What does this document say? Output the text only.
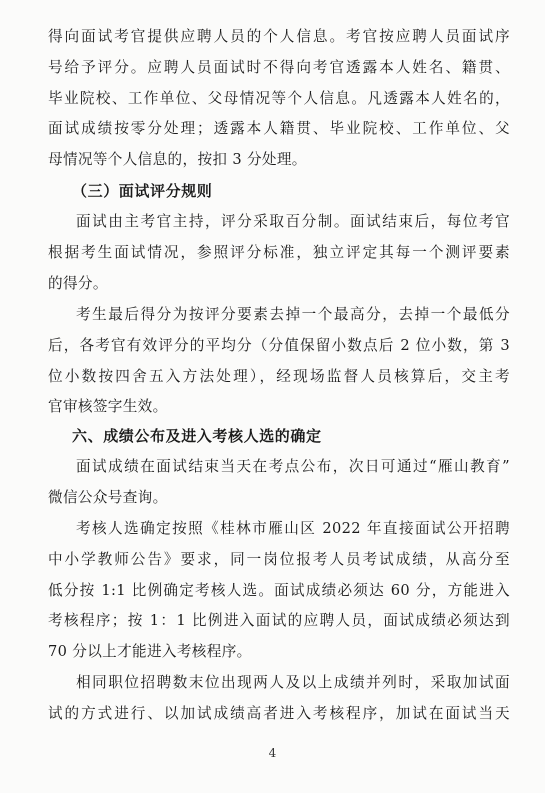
得向面试考官提供应聘人员的个人信息。考官按应聘人员面试序
号给予评分。应聘人员面试时不得向考官透露本人姓名、籍贯、
毕业院校、工作单位、父母情况等个人信息。凡透露本人姓名的，
面试成绩按零分处理；透露本人籍贯、毕业院校、工作单位、父
母情况等个人信息的，按扣 3 分处理。
（三）面试评分规则
面试由主考官主持，评分采取百分制。面试结束后，每位考官
根据考生面试情况，参照评分标准，独立评定其每一个测评要素
的得分。
考生最后得分为按评分要素去掉一个最高分，去掉一个最低分
后，各考官有效评分的平均分（分值保留小数点后 2 位小数，第 3
位小数按四舍五入方法处理），经现场监督人员核算后，交主考
官审核签字生效。
六、成绩公布及进入考核人选的确定
面试成绩在面试结束当天在考点公布，次日可通过“雁山教育”
微信公众号查询。
考核人选确定按照《桂林市雁山区 2022 年直接面试公开招聘
中小学教师公告》要求，同一岗位报考人员考试成绩，从高分至
低分按 1:1 比例确定考核人选。面试成绩必须达 60 分，方能进入
考核程序；按 1：1 比例进入面试的应聘人员，面试成绩必须达到
70 分以上才能进入考核程序。
相同职位招聘数末位出现两人及以上成绩并列时，采取加试面
试的方式进行、以加试成绩高者进入考核程序，加试在面试当天
4
